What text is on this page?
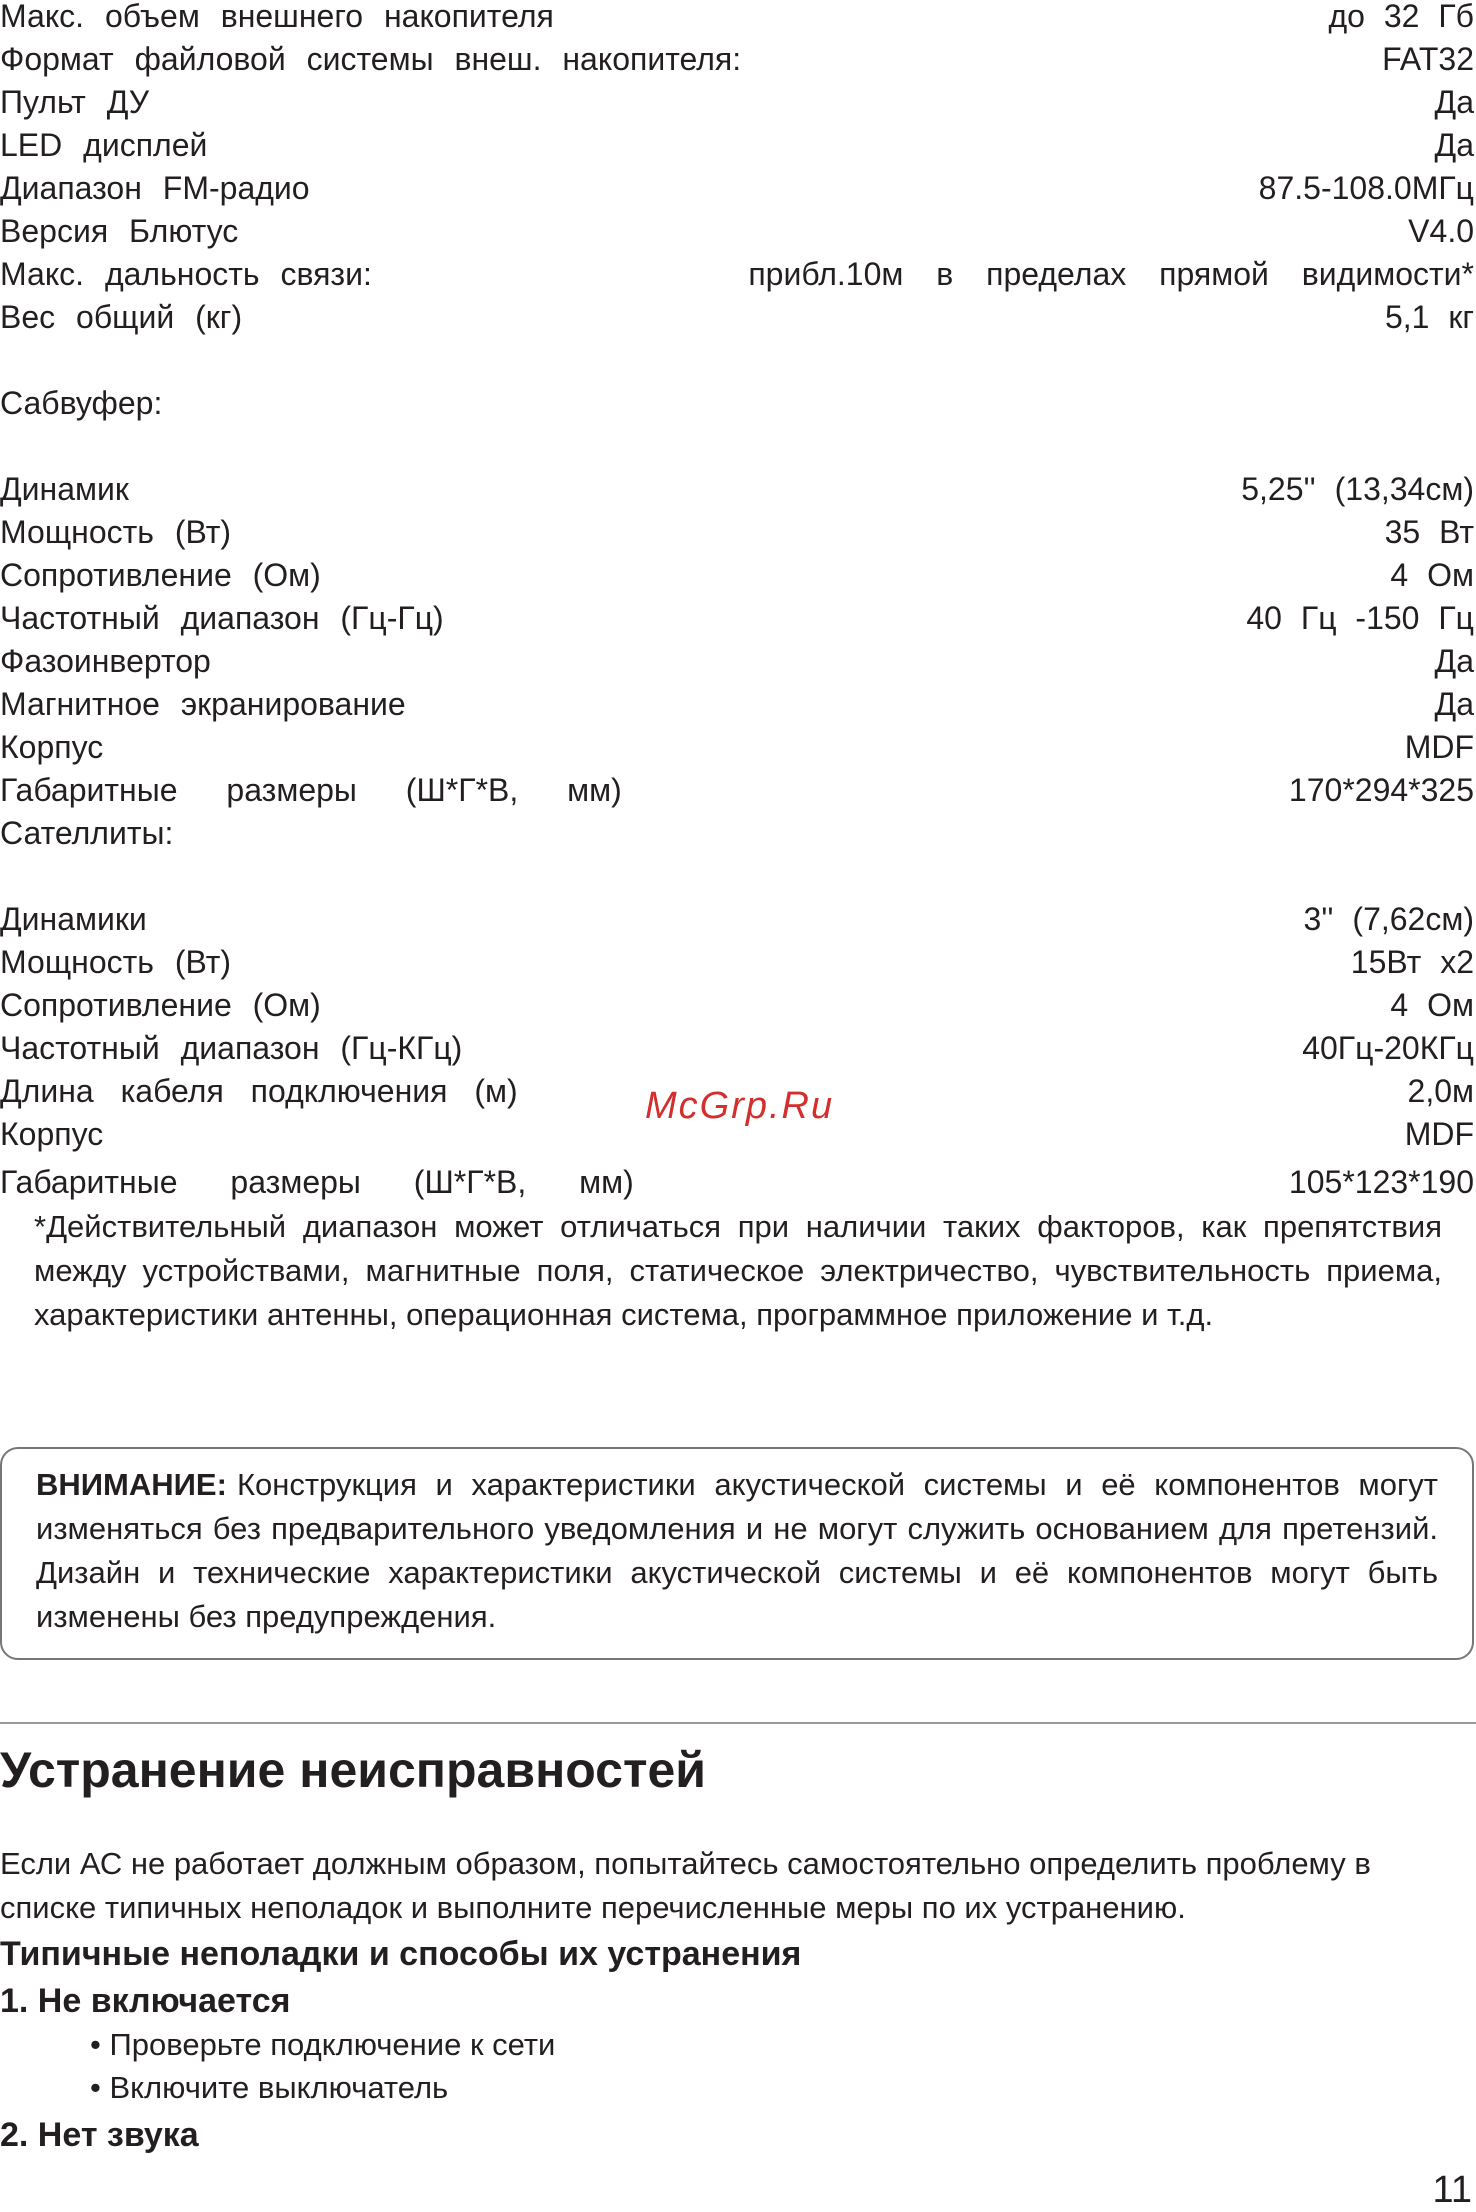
Макс. объем внешнего накопителя	до 32 Гб
Формат файловой системы внеш. накопителя:	FAT32
Пульт ДУ	Да
LED дисплей	Да
Диапазон FM-радио	87.5-108.0МГц
Версия Блютус	V4.0
Макс. дальность связи:	прибл.10м в пределах прямой видимости*
Вес общий (кг)	5,1 кг
Сабвуфер:
Динамик	5,25'' (13,34см)
Мощность (Вт)	35 Вт
Сопротивление (Ом)	4 Ом
Частотный диапазон (Гц-Гц)	40 Гц -150 Гц
Фазоинвертор	Да
Магнитное экранирование	Да
Корпус	MDF
Габаритные размеры (Ш*Г*В, мм)	170*294*325
Сателлиты:
Динамики	3'' (7,62см)
Мощность (Вт)	15Вт x2
Сопротивление (Ом)	4 Ом
Частотный диапазон (Гц-КГц)	40Гц-20КГц
Длина кабеля подключения (м)	2,0м
Корпус	MDF
Габаритные размеры (Ш*Г*В, мм)	105*123*190
McGrp.Ru

*Действительный диапазон может отличаться при наличии таких факторов, как препятствия между устройствами, магнитные поля, статическое электричество, чувствительность приема, характеристики антенны, операционная система, программное приложение и т.д.

ВНИМАНИЕ: Конструкция и характеристики акустической системы и её компонентов могут изменяться без предварительного уведомления и не могут служить основанием для претензий. Дизайн и технические характеристики акустической системы и её компонентов могут быть изменены без предупреждения.

Устранение неисправностей

Если АС не работает должным образом, попытайтесь самостоятельно определить проблему в списке типичных неполадок и выполните перечисленные меры по их устранению.

Типичные неполадки и способы их устранения
1. Не включается
• Проверьте подключение к сети
• Включите выключатель
2. Нет звука
11
